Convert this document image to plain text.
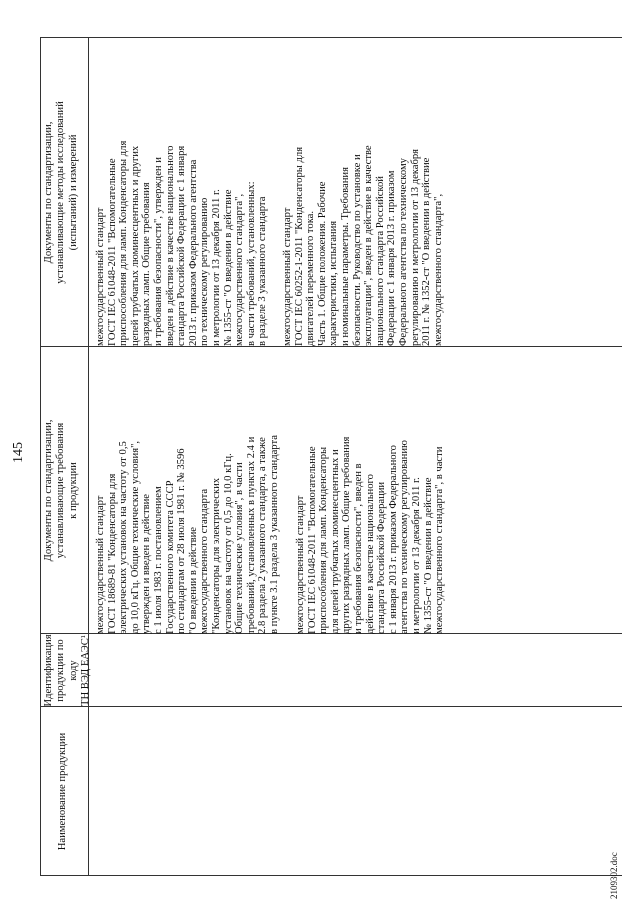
145
Наименование продукции
Идентификация продукции по коду ТН ВЭД ЕАЭС¹
Документы по стандартизации, устанавливающие требования к продукции
Документы по стандартизации, устанавливающие методы исследований (испытаний) и измерений
межгосударственный стандарт ГОСТ 18689-81 "Конденсаторы для электрических установок на частоту от 0,5 до 10,0 кГц. Общие технические условия", утвержден и введен в действие с 1 июля 1983 г. постановлением Государственного комитета СССР по стандартам от 28 июля 1981 г. № 3596 "О введении в действие межгосударственного стандарта "Конденсаторы для электрических установок на частоту от 0,5 до 10,0 кГц. Общие технические условия", в части требований, установленных в пунктах 2.4 и 2.8 раздела 2 указанного стандарта, а также в пункте 3.1 раздела 3 указанного стандарта межгосударственный стандарт ГОСТ IEC 61048-2011 "Вспомогательные приспособления для ламп. Конденсаторы для цепей трубчатых люминесцентных и других разрядных ламп. Общие требования и требования безопасности", введен в действие в качестве национального стандарта Российской Федерации с 1 января 2013 г. приказом Федерального агентства по техническому регулированию и метрологии от 13 декабря 2011 г. № 1355-ст "О введении в действие межгосударственного стандарта", в части
межгосударственный стандарт ГОСТ IEC 61048-2011 "Вспомогательные приспособления для ламп. Конденсаторы для цепей трубчатых люминесцентных и других разрядных ламп. Общие требования и требования безопасности", утвержден и введен в действие в качестве национального стандарта Российской Федерации с 1 января 2013 г. приказом Федерального агентства по техническому регулированию и метрологии от 13 декабря 2011 г. № 1355-ст "О введении в действие межгосударственного стандарта", в части требований, установленных: в разделе 3 указанного стандарта межгосударственный стандарт ГОСТ IEC 60252-1-2011 "Конденсаторы для двигателей переменного тока. Часть 1. Общие положения. Рабочие характеристики, испытания и номинальные параметры. Требования безопасности. Руководство по установке и эксплуатации", введен в действие в качестве национального стандарта Российской Федерации с 1 января 2013 г. приказом Федерального агентства по техническому регулированию и метрологии от 13 декабря 2011 г. № 1352-ст "О введении в действие межгосударственного стандарта",
2109302.doc
